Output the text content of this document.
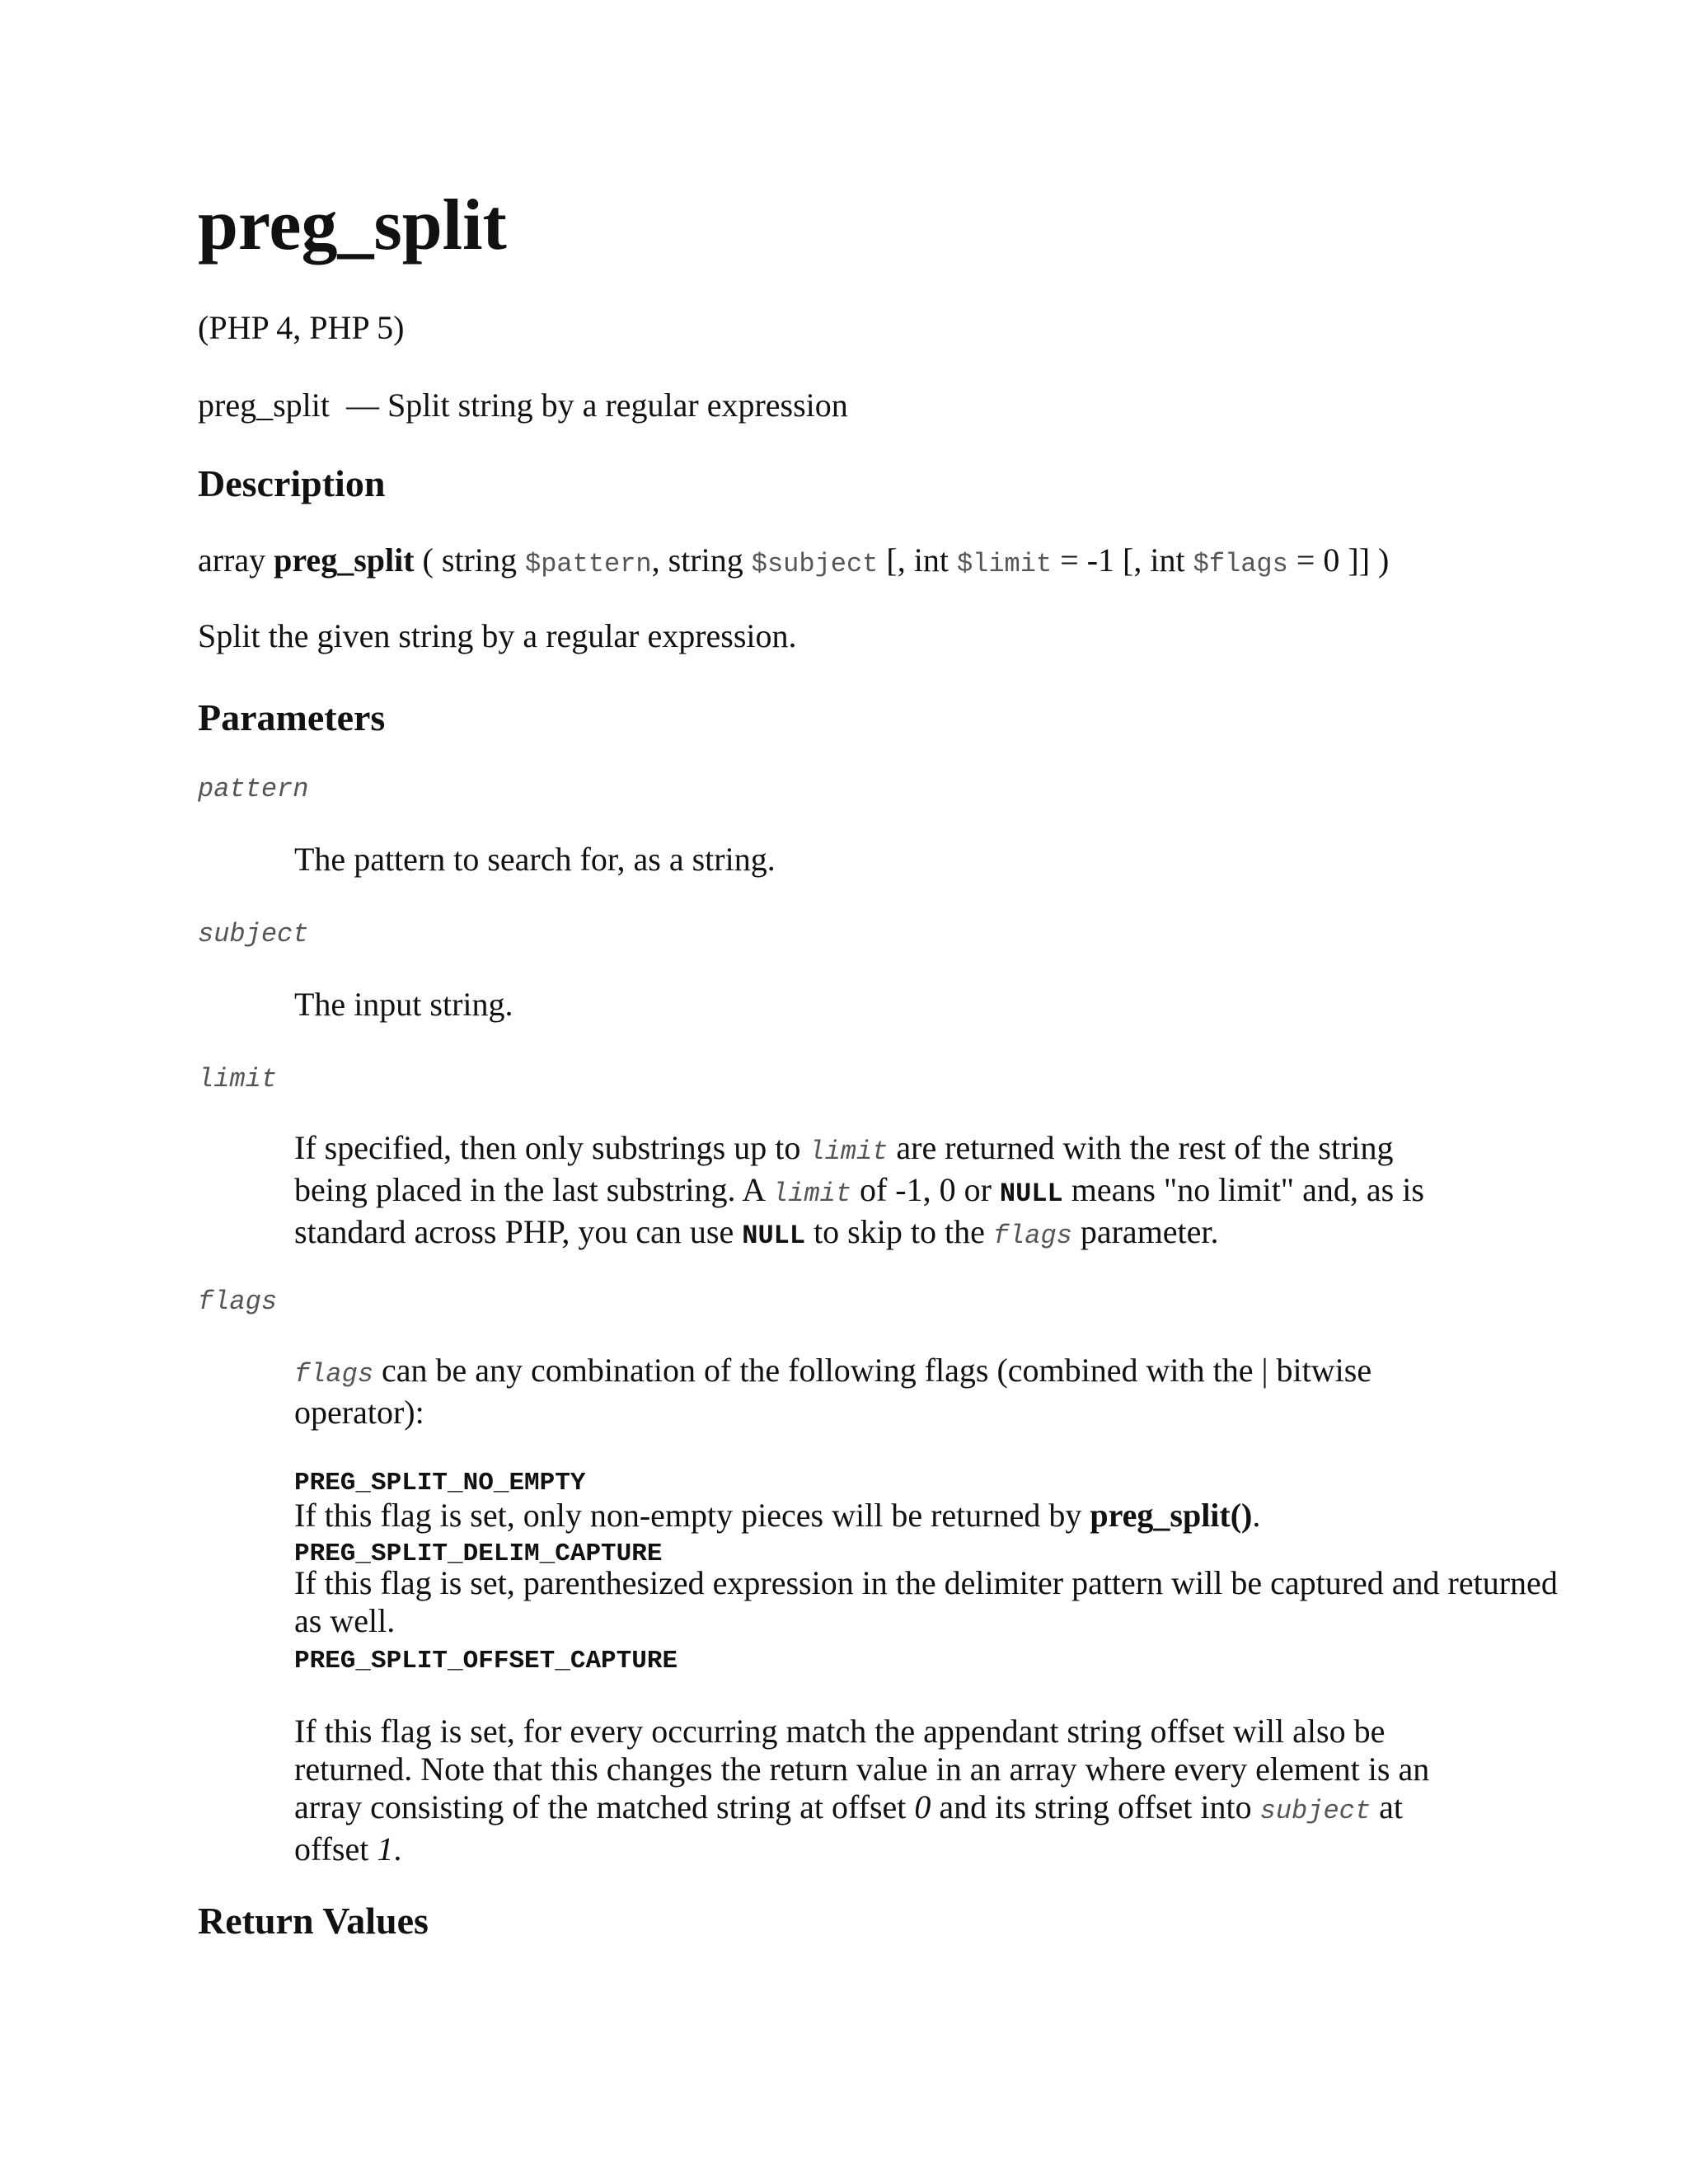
preg_split
(PHP 4, PHP 5)
preg_split — Split string by a regular expression
Description
array preg_split ( string $pattern, string $subject [, int $limit = -1 [, int $flags = 0 ]] )
Split the given string by a regular expression.
Parameters
pattern
The pattern to search for, as a string.
subject
The input string.
limit
If specified, then only substrings up to limit are returned with the rest of the string being placed in the last substring. A limit of -1, 0 or NULL means "no limit" and, as is standard across PHP, you can use NULL to skip to the flags parameter.
flags
flags can be any combination of the following flags (combined with the | bitwise operator):
PREG_SPLIT_NO_EMPTY
If this flag is set, only non-empty pieces will be returned by preg_split().
PREG_SPLIT_DELIM_CAPTURE
If this flag is set, parenthesized expression in the delimiter pattern will be captured and returned as well.
PREG_SPLIT_OFFSET_CAPTURE
If this flag is set, for every occurring match the appendant string offset will also be returned. Note that this changes the return value in an array where every element is an array consisting of the matched string at offset 0 and its string offset into subject at offset 1.
Return Values
